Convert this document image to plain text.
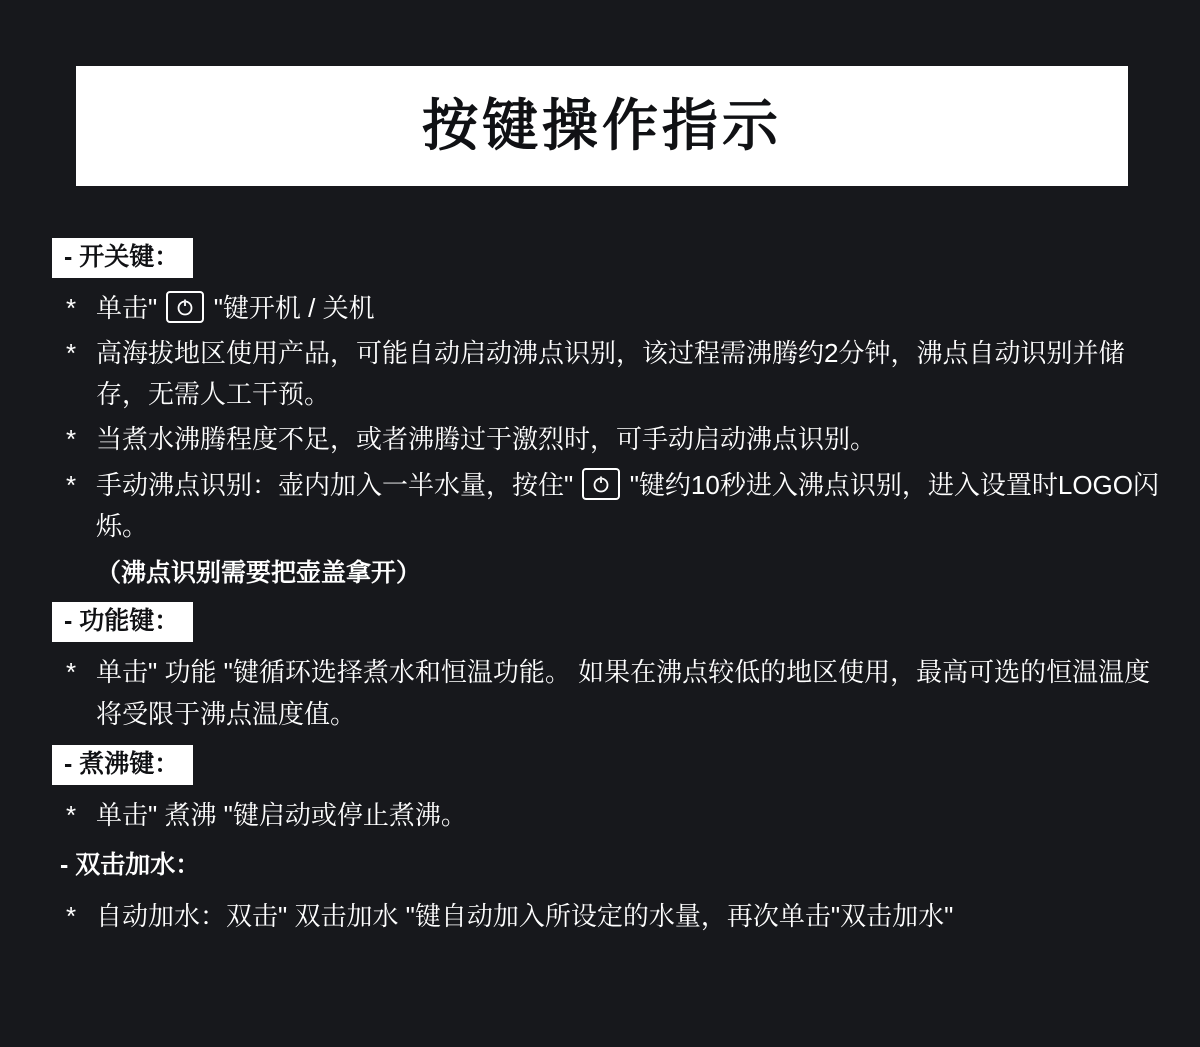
按键操作指示
- 开关键：
* 单击" "键开机 / 关机
* 高海拔地区使用产品，可能自动启动沸点识别，该过程需沸腾约2分钟，沸点自动识别并储存，无需人工干预。
* 当煮水沸腾程度不足，或者沸腾过于激烈时，可手动启动沸点识别。
* 手动沸点识别：壶内加入一半水量，按住" "键约10秒进入沸点识别，进入设置时LOGO闪烁。
（沸点识别需要把壶盖拿开）
- 功能键：
* 单击" 功能 "键循环选择煮水和恒温功能。 如果在沸点较低的地区使用，最高可选的恒温温度将受限于沸点温度值。
- 煮沸键：
* 单击" 煮沸 "键启动或停止煮沸。
- 双击加水：
* 自动加水：双击" 双击加水 "键自动加入所设定的水量，再次单击"双击加水"
